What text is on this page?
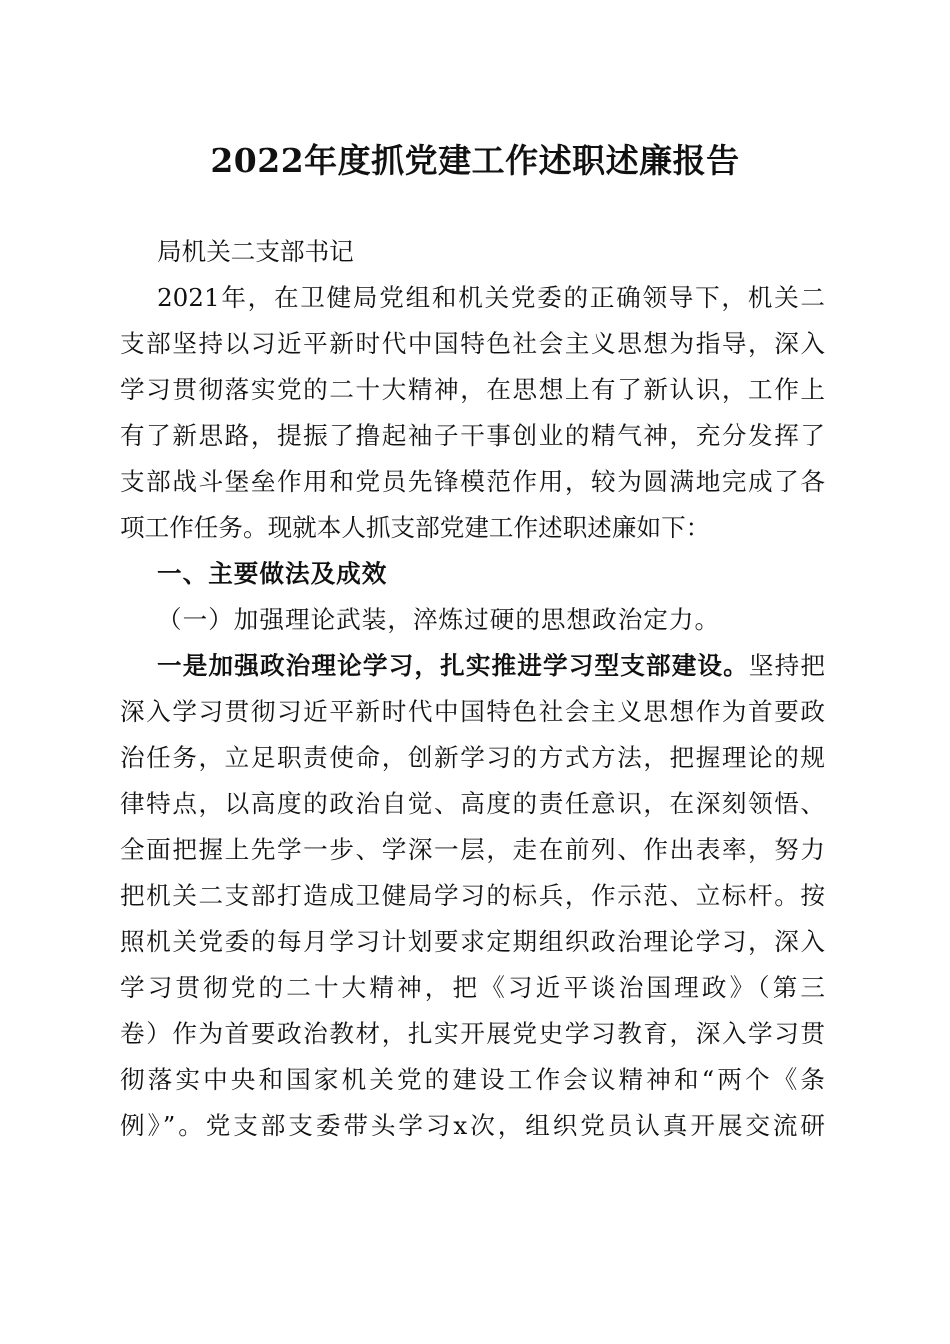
2022年度抓党建工作述职述廉报告
局机关二支部书记
2021年，在卫健局党组和机关党委的正确领导下，机关二
支部坚持以习近平新时代中国特色社会主义思想为指导，深入
学习贯彻落实党的二十大精神，在思想上有了新认识，工作上
有了新思路，提振了撸起袖子干事创业的精气神，充分发挥了
支部战斗堡垒作用和党员先锋模范作用，较为圆满地完成了各
项工作任务。现就本人抓支部党建工作述职述廉如下：
一、主要做法及成效
（一）加强理论武装，淬炼过硬的思想政治定力。
一是加强政治理论学习，扎实推进学习型支部建设。坚持把
深入学习贯彻习近平新时代中国特色社会主义思想作为首要政
治任务，立足职责使命，创新学习的方式方法，把握理论的规
律特点，以高度的政治自觉、高度的责任意识，在深刻领悟、
全面把握上先学一步、学深一层，走在前列、作出表率，努力
把机关二支部打造成卫健局学习的标兵，作示范、立标杆。按
照机关党委的每月学习计划要求定期组织政治理论学习，深入
学习贯彻党的二十大精神，把《习近平谈治国理政》（第三
卷）作为首要政治教材，扎实开展党史学习教育，深入学习贯
彻落实中央和国家机关党的建设工作会议精神和“两个《条
例》”。党支部支委带头学习x次，组织党员认真开展交流研
